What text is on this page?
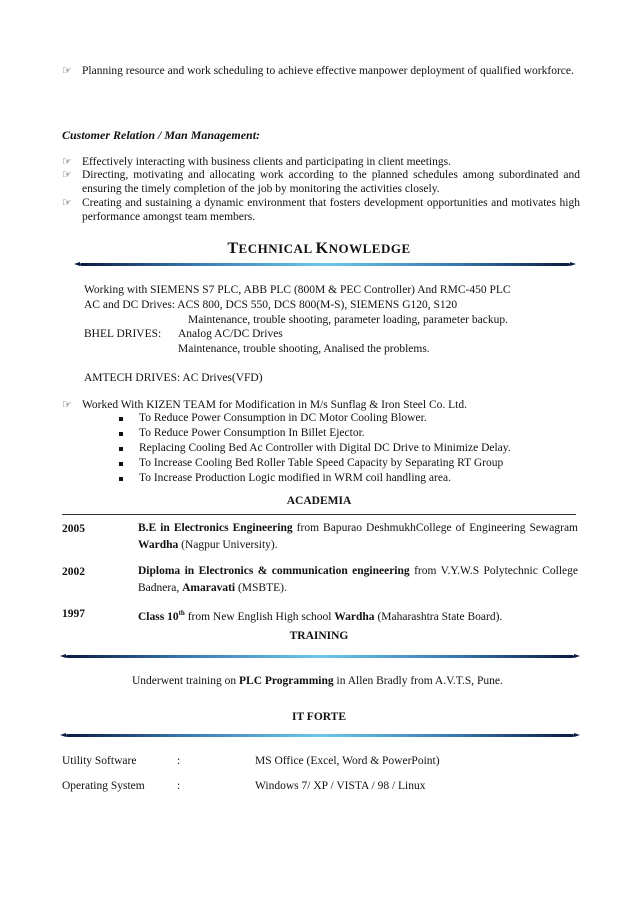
☞ Planning resource and work scheduling to achieve effective manpower deployment of qualified workforce.
Customer Relation / Man Management:
☞ Effectively interacting with business clients and participating in client meetings.
☞ Directing, motivating and allocating work according to the planned schedules among subordinated and ensuring the timely completion of the job by monitoring the activities closely.
☞ Creating and sustaining a dynamic environment that fosters development opportunities and motivates high performance amongst team members.
TECHNICAL KNOWLEDGE
Working with SIEMENS S7 PLC, ABB PLC (800M & PEC Controller) And RMC-450 PLC
AC and DC Drives: ACS 800, DCS 550, DCS 800(M-S), SIEMENS G120, S120
Maintenance, trouble shooting, parameter loading, parameter backup.
BHEL DRIVES: Analog AC/DC Drives
Maintenance, trouble shooting, Analised the problems.
AMTECH DRIVES: AC Drives(VFD)
☞ Worked With KIZEN TEAM for Modification in M/s Sunflag & Iron Steel Co. Ltd.
To Reduce Power Consumption in DC Motor Cooling Blower.
To Reduce Power Consumption In Billet Ejector.
Replacing Cooling Bed Ac Controller with Digital DC Drive to Minimize Delay.
To Increase Cooling Bed Roller Table Speed Capacity by Separating RT Group
To Increase Production Logic modified in WRM coil handling area.
ACADEMIA
2005	B.E in Electronics Engineering from Bapurao DeshmukhCollege of Engineering Sewagram Wardha (Nagpur University).
2002	Diploma in Electronics & communication engineering from V.Y.W.S Polytechnic College Badnera, Amaravati (MSBTE).
1997	Class 10th from New English High school Wardha (Maharashtra State Board).
TRAINING
Underwent training on PLC Programming in Allen Bradly from A.V.T.S, Pune.
IT FORTE
Utility Software	:	MS Office (Excel, Word & PowerPoint)
Operating System	:	Windows 7/ XP / VISTA / 98 / Linux
